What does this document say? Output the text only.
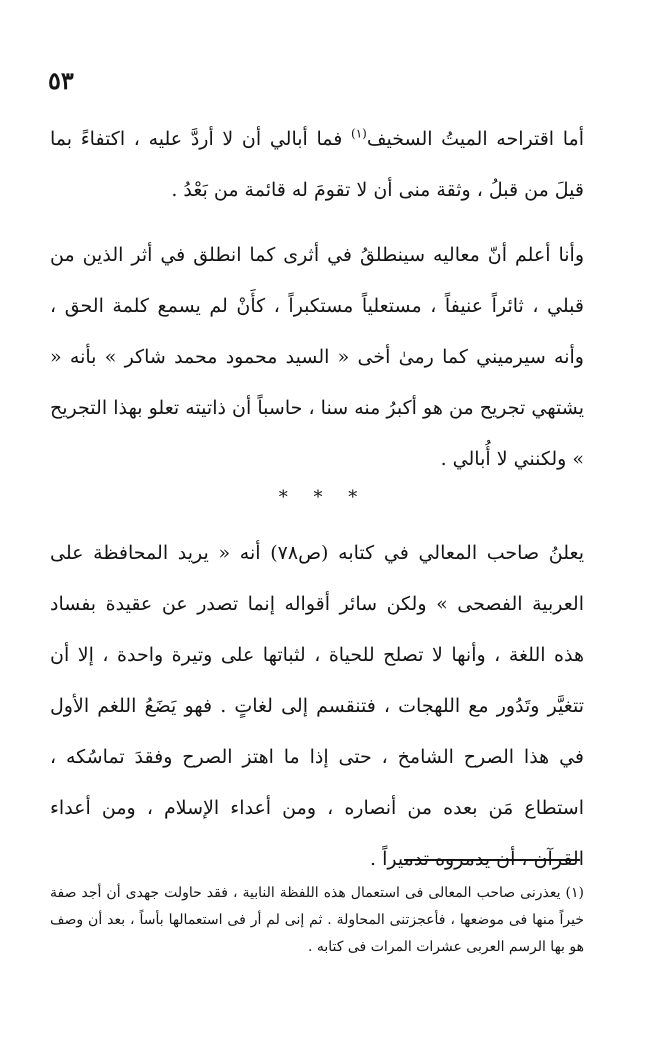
٥٣

أما اقتراحه الميتُ السخيف$^{(١)}$ فما أبالي أن لا أردَّ عليه ، اكتفاءً بما قيلَ من قبلُ ، وثقة منى أن لا تقومَ له قائمة من بَعْدُ .

وأنا أعلم أنّ معاليه سينطلقُ في أثرى كما انطلق في أثر الذين من قبلي ، ثائراً عنيفاً ، مستعلياً مستكبراً ، كأَنْ لم يسمع كلمة الحق ، وأنه سيرميني كما رمىٰ أخى « السيد محمود محمد شاكر » بأنه « يشتهي تجريح من هو أكبرُ منه سنا ، حاسباً أن ذاتيته تعلو بهذا التجريح » ولكنني لا أُبالي .

* * *

يعلنُ صاحب المعالي في كتابه (ص٧٨) أنه « يريد المحافظة على العربية الفصحى » ولكن سائر أقواله إنما تصدر عن عقيدة بفساد هذه اللغة ، وأنها لا تصلح للحياة ، لثباتها على وتيرة واحدة ، إلا أن تتغيَّر وتَدُور مع اللهجات ، فتنقسم إلى لغاتٍ . فهو يَضَعُ اللغم الأول في هذا الصرح الشامخ ، حتى إذا ما اهتز الصرح وفقدَ تماسُكه ، استطاع مَن بعده من أنصاره ، ومن أعداء الإسلام ، ومن أعداء القرآن ، أن يدمروه تدميراً .

(١) يعذرنى صاحب المعالى فى استعمال هذه اللفظة النابية ، فقد حاولت جهدى أن أجد صفة خيراً منها فى موضعها ، فأعجزتنى المحاولة . ثم إنى لم أر فى استعمالها بأساً ، بعد أن وصف هو بها الرسم العربى عشرات المرات فى كتابه .
